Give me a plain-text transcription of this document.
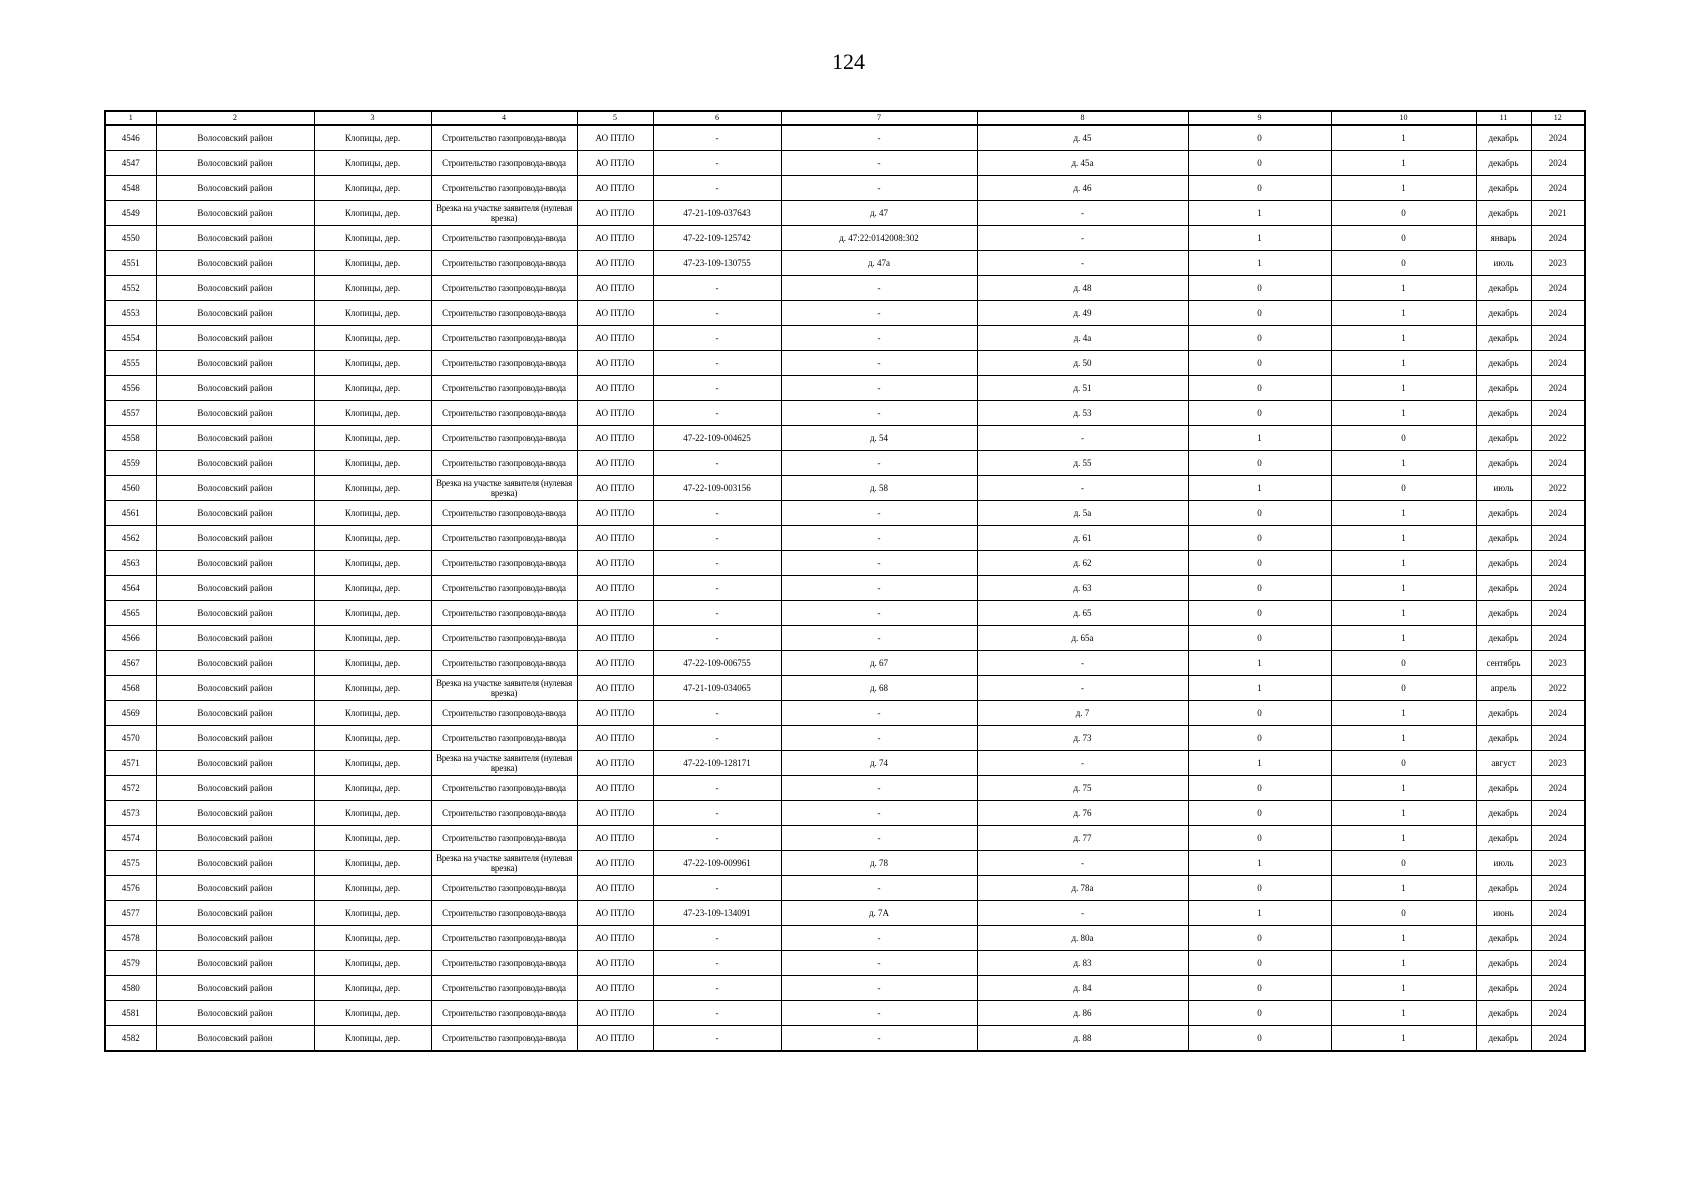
124
1	2	3	4	5	6	7	8	9	10	11	12
4546	Волосовский район	Клопицы, дер.	Строительство газопровода-ввода	АО ПТЛО	-	-	д. 45	0	1	декабрь	2024
4547	Волосовский район	Клопицы, дер.	Строительство газопровода-ввода	АО ПТЛО	-	-	д. 45а	0	1	декабрь	2024
4548	Волосовский район	Клопицы, дер.	Строительство газопровода-ввода	АО ПТЛО	-	-	д. 46	0	1	декабрь	2024
4549	Волосовский район	Клопицы, дер.	Врезка на участке заявителя (нулевая врезка)	АО ПТЛО	47-21-109-037643	д. 47	-	1	0	декабрь	2021
4550	Волосовский район	Клопицы, дер.	Строительство газопровода-ввода	АО ПТЛО	47-22-109-125742	д. 47:22:0142008:302	-	1	0	январь	2024
4551	Волосовский район	Клопицы, дер.	Строительство газопровода-ввода	АО ПТЛО	47-23-109-130755	д. 47а	-	1	0	июль	2023
4552	Волосовский район	Клопицы, дер.	Строительство газопровода-ввода	АО ПТЛО	-	-	д. 48	0	1	декабрь	2024
4553	Волосовский район	Клопицы, дер.	Строительство газопровода-ввода	АО ПТЛО	-	-	д. 49	0	1	декабрь	2024
4554	Волосовский район	Клопицы, дер.	Строительство газопровода-ввода	АО ПТЛО	-	-	д. 4а	0	1	декабрь	2024
4555	Волосовский район	Клопицы, дер.	Строительство газопровода-ввода	АО ПТЛО	-	-	д. 50	0	1	декабрь	2024
4556	Волосовский район	Клопицы, дер.	Строительство газопровода-ввода	АО ПТЛО	-	-	д. 51	0	1	декабрь	2024
4557	Волосовский район	Клопицы, дер.	Строительство газопровода-ввода	АО ПТЛО	-	-	д. 53	0	1	декабрь	2024
4558	Волосовский район	Клопицы, дер.	Строительство газопровода-ввода	АО ПТЛО	47-22-109-004625	д. 54	-	1	0	декабрь	2022
4559	Волосовский район	Клопицы, дер.	Строительство газопровода-ввода	АО ПТЛО	-	-	д. 55	0	1	декабрь	2024
4560	Волосовский район	Клопицы, дер.	Врезка на участке заявителя (нулевая врезка)	АО ПТЛО	47-22-109-003156	д. 58	-	1	0	июль	2022
4561	Волосовский район	Клопицы, дер.	Строительство газопровода-ввода	АО ПТЛО	-	-	д. 5а	0	1	декабрь	2024
4562	Волосовский район	Клопицы, дер.	Строительство газопровода-ввода	АО ПТЛО	-	-	д. 61	0	1	декабрь	2024
4563	Волосовский район	Клопицы, дер.	Строительство газопровода-ввода	АО ПТЛО	-	-	д. 62	0	1	декабрь	2024
4564	Волосовский район	Клопицы, дер.	Строительство газопровода-ввода	АО ПТЛО	-	-	д. 63	0	1	декабрь	2024
4565	Волосовский район	Клопицы, дер.	Строительство газопровода-ввода	АО ПТЛО	-	-	д. 65	0	1	декабрь	2024
4566	Волосовский район	Клопицы, дер.	Строительство газопровода-ввода	АО ПТЛО	-	-	д. 65а	0	1	декабрь	2024
4567	Волосовский район	Клопицы, дер.	Строительство газопровода-ввода	АО ПТЛО	47-22-109-006755	д. 67	-	1	0	сентябрь	2023
4568	Волосовский район	Клопицы, дер.	Врезка на участке заявителя (нулевая врезка)	АО ПТЛО	47-21-109-034065	д. 68	-	1	0	апрель	2022
4569	Волосовский район	Клопицы, дер.	Строительство газопровода-ввода	АО ПТЛО	-	-	д. 7	0	1	декабрь	2024
4570	Волосовский район	Клопицы, дер.	Строительство газопровода-ввода	АО ПТЛО	-	-	д. 73	0	1	декабрь	2024
4571	Волосовский район	Клопицы, дер.	Врезка на участке заявителя (нулевая врезка)	АО ПТЛО	47-22-109-128171	д. 74	-	1	0	август	2023
4572	Волосовский район	Клопицы, дер.	Строительство газопровода-ввода	АО ПТЛО	-	-	д. 75	0	1	декабрь	2024
4573	Волосовский район	Клопицы, дер.	Строительство газопровода-ввода	АО ПТЛО	-	-	д. 76	0	1	декабрь	2024
4574	Волосовский район	Клопицы, дер.	Строительство газопровода-ввода	АО ПТЛО	-	-	д. 77	0	1	декабрь	2024
4575	Волосовский район	Клопицы, дер.	Врезка на участке заявителя (нулевая врезка)	АО ПТЛО	47-22-109-009961	д. 78	-	1	0	июль	2023
4576	Волосовский район	Клопицы, дер.	Строительство газопровода-ввода	АО ПТЛО	-	-	д. 78а	0	1	декабрь	2024
4577	Волосовский район	Клопицы, дер.	Строительство газопровода-ввода	АО ПТЛО	47-23-109-134091	д. 7А	-	1	0	июнь	2024
4578	Волосовский район	Клопицы, дер.	Строительство газопровода-ввода	АО ПТЛО	-	-	д. 80а	0	1	декабрь	2024
4579	Волосовский район	Клопицы, дер.	Строительство газопровода-ввода	АО ПТЛО	-	-	д. 83	0	1	декабрь	2024
4580	Волосовский район	Клопицы, дер.	Строительство газопровода-ввода	АО ПТЛО	-	-	д. 84	0	1	декабрь	2024
4581	Волосовский район	Клопицы, дер.	Строительство газопровода-ввода	АО ПТЛО	-	-	д. 86	0	1	декабрь	2024
4582	Волосовский район	Клопицы, дер.	Строительство газопровода-ввода	АО ПТЛО	-	-	д. 88	0	1	декабрь	2024
